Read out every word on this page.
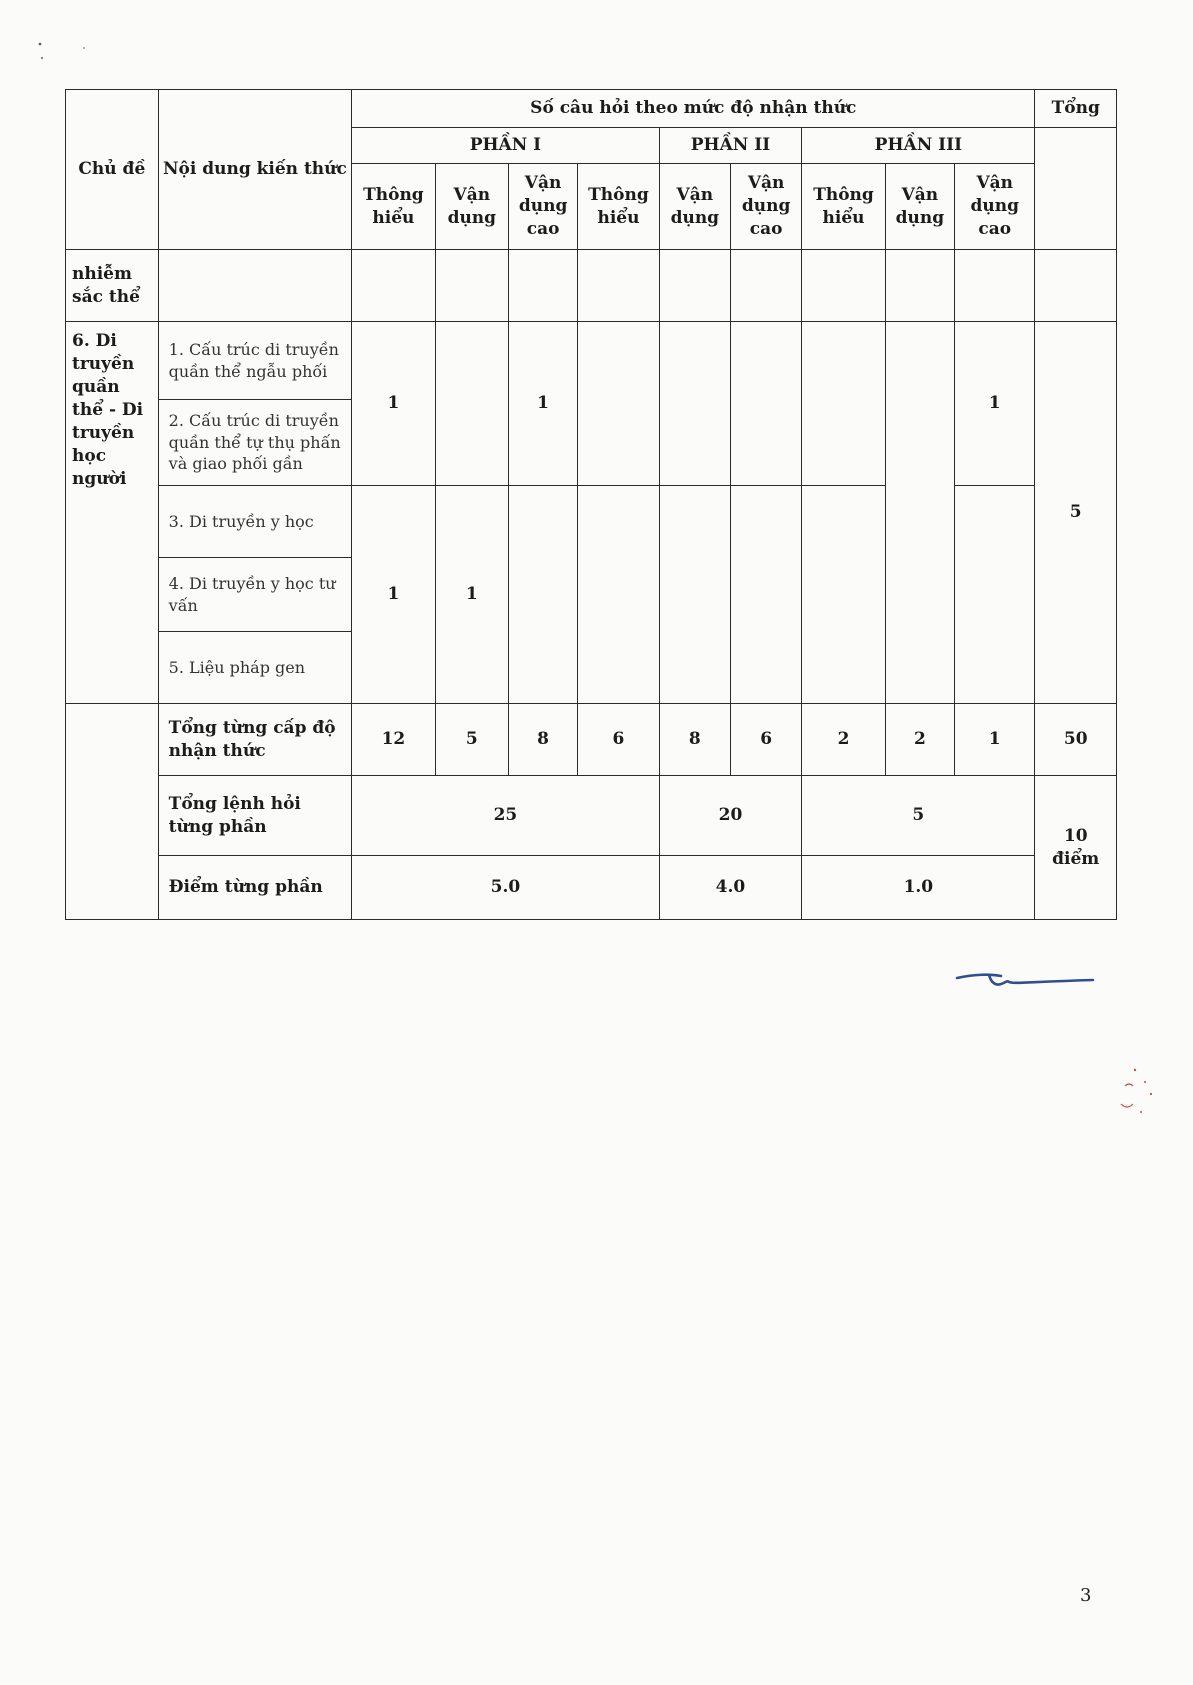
Chủ đề	Nội dung kiến thức	Số câu hỏi theo mức độ nhận thức									Tổng
		PHẦN I				PHẦN II		PHẦN III			
		Thông hiểu	Vận dụng	Vận dụng cao	Thông hiểu	Vận dụng	Vận dụng cao	Thông hiểu	Vận dụng	Vận dụng cao	
nhiễm sắc thể											
6. Di truyền quần thể - Di truyền học người	1. Cấu trúc di truyền quần thể ngẫu phối	1		1						1	5
	2. Cấu trúc di truyền quần thể tự thụ phấn và giao phối gần										
	3. Di truyền y học	1	1								
	4. Di truyền y học tư vấn										
	5. Liệu pháp gen										
	Tổng từng cấp độ nhận thức	12	5	8	6	8	6	2	2	1	50
	Tổng lệnh hỏi từng phần	25				20		5			10 điểm
	Điểm từng phần	5.0				4.0		1.0			
3
